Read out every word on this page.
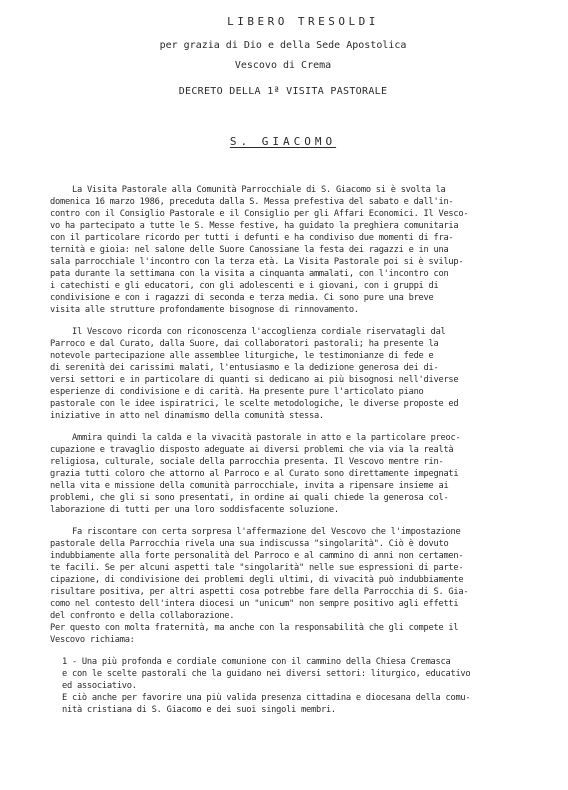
LIBERO TRESOLDI
per grazia di Dio e della Sede Apostolica
Vescovo di Crema
DECRETO DELLA 1ª VISITA PASTORALE
S. GIACOMO
La Visita Pastorale alla Comunità Parrocchiale di S. Giacomo si è svolta la
domenica 16 marzo 1986, preceduta dalla S. Messa prefestiva del sabato e dall'in-
contro con il Consiglio Pastorale e il Consiglio per gli Affari Economici. Il Vesco-
vo ha partecipato a tutte le S. Messe festive, ha guidato la preghiera comunitaria
con il particolare ricordo per tutti i defunti e ha condiviso due momenti di fra-
ternità e gioia: nel salone delle Suore Canossiane la festa dei ragazzi e in una
sala parrocchiale l'incontro con la terza età. La Visita Pastorale poi si è svilup-
pata durante la settimana con la visita a cinquanta ammalati, con l'incontro con
i catechisti e gli educatori, con gli adolescenti e i giovani, con i gruppi di
condivisione e con i ragazzi di seconda e terza media. Ci sono pure una breve
visita alle strutture profondamente bisognose di rinnovamento.
Il Vescovo ricorda con riconoscenza l'accoglienza cordiale riservatagli dal
Parroco e dal Curato, dalla Suore, dai collaboratori pastorali; ha presente la
notevole partecipazione alle assemblee liturgiche, le testimonianze di fede e
di serenità dei carissimi malati, l'entusiasmo e la dedizione generosa dei di-
versi settori e in particolare di quanti si dedicano ai più bisognosi nell'diverse
esperienze di condivisione e di carità. Ha presente pure l'articolato piano
pastorale con le idee ispiratrici, le scelte metodologiche, le diverse proposte ed
iniziative in atto nel dinamismo della comunità stessa.
Ammira quindi la calda e la vivacità pastorale in atto e la particolare preoc-
cupazione e travaglio disposto adeguate ai diversi problemi che via via la realtà
religiosa, culturale, sociale della parrocchia presenta. Il Vescovo mentre rin-
grazia tutti coloro che attorno al Parroco e al Curato sono direttamente impegnati
nella vita e missione della comunità parrocchiale, invita a ripensare insieme ai
problemi, che gli si sono presentati, in ordine ai quali chiede la generosa col-
laborazione di tutti per una loro soddisfacente soluzione.
Fa riscontare con certa sorpresa l'affermazione del Vescovo che l'impostazione
pastorale della Parrocchia rivela una sua indiscussa "singolarità". Ciò è dovuto
indubbiamente alla forte personalità del Parroco e al cammino di anni non certamen-
te facili. Se per alcuni aspetti tale "singolarità" nelle sue espressioni di parte-
cipazione, di condivisione dei problemi degli ultimi, di vivacità può indubbiamente
risultare positiva, per altri aspetti cosa potrebbe fare della Parrocchia di S. Gia-
como nel contesto dell'intera diocesi un "unicum" non sempre positivo agli effetti
del confronto e della collaborazione.
Per questo con molta fraternità, ma anche con la responsabilità che gli compete il
Vescovo richiama:
1 - Una più profonda e cordiale comunione con il cammino della Chiesa Cremasca
e con le scelte pastorali che la guidano nei diversi settori: liturgico, educativo
ed associativo.
E ciò anche per favorire una più valida presenza cittadina e diocesana della comu-
nità cristiana di S. Giacomo e dei suoi singoli membri.
